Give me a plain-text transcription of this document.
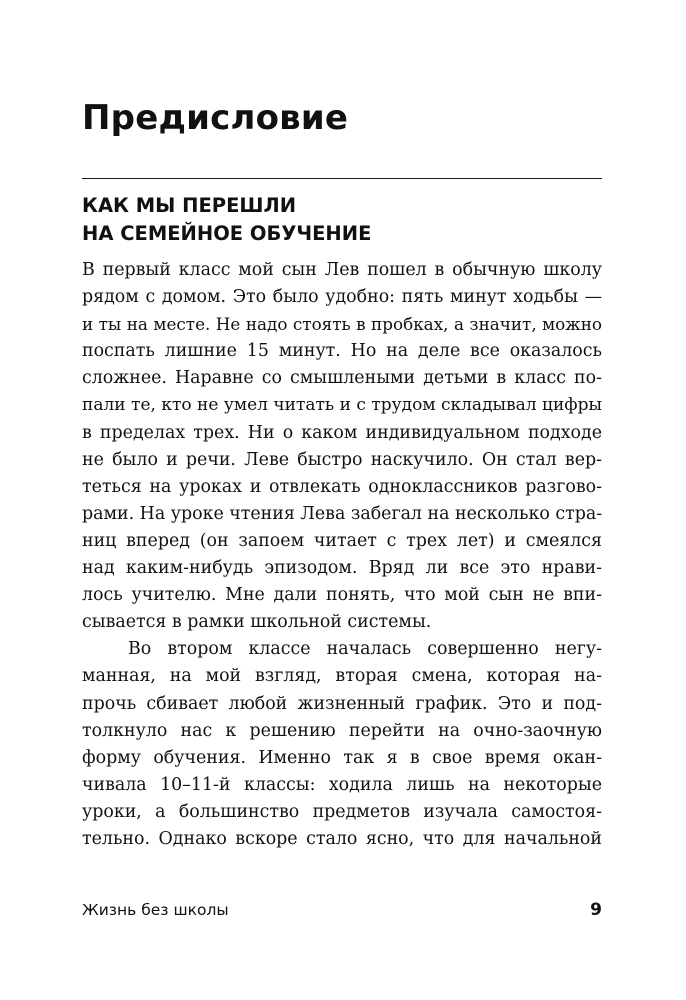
Предисловие
КАК МЫ ПЕРЕШЛИ
НА СЕМЕЙНОЕ ОБУЧЕНИЕ
В первый класс мой сын Лев пошел в обычную школу
рядом с домом. Это было удобно: пять минут ходьбы —
и ты на месте. Не надо стоять в пробках, а значит, можно
поспать лишние 15 минут. Но на деле все оказалось
сложнее. Наравне со смышлеными детьми в класс по-
пали те, кто не умел читать и с трудом складывал цифры
в пределах трех. Ни о каком индивидуальном подходе
не было и речи. Леве быстро наскучило. Он стал вер-
теться на уроках и отвлекать одноклассников разгово-
рами. На уроке чтения Лева забегал на несколько стра-
ниц вперед (он запоем читает с трех лет) и смеялся
над каким-нибудь эпизодом. Вряд ли все это нрави-
лось учителю. Мне дали понять, что мой сын не впи-
сывается в рамки школьной системы.
Во втором классе началась совершенно негу-
манная, на мой взгляд, вторая смена, которая на-
прочь сбивает любой жизненный график. Это и под-
толкнуло нас к решению перейти на очно-заочную
форму обучения. Именно так я в свое время окан-
чивала 10–11-й классы: ходила лишь на некоторые
уроки, а большинство предметов изучала самостоя-
тельно. Однако вскоре стало ясно, что для начальной
Жизнь без школы	9
